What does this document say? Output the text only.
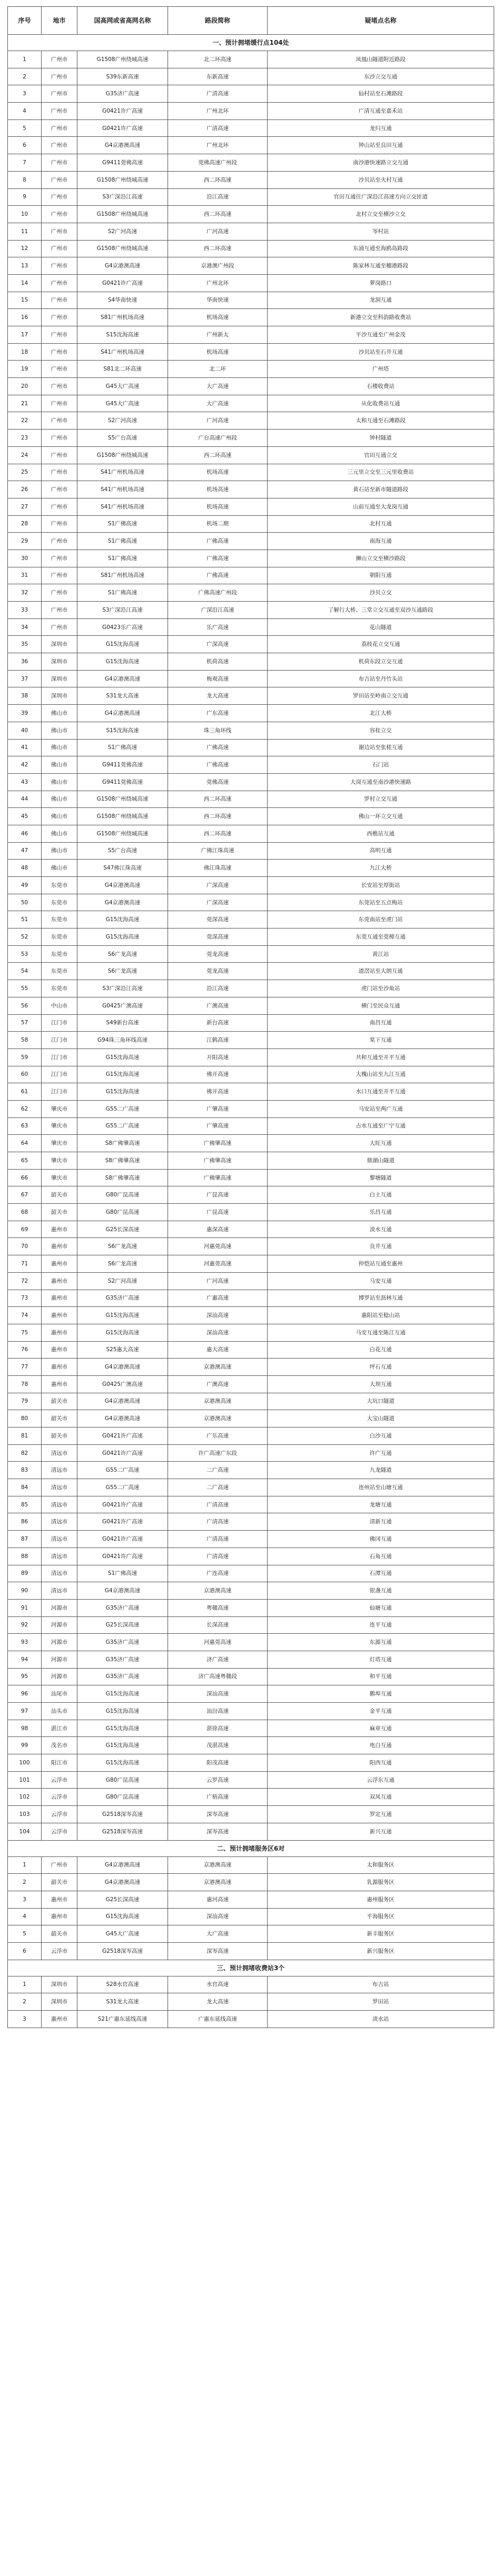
序号	地市	国高网或省高网名称	路段简称	疑堵点名称
一、预计拥堵缓行点104处				
1	广州市	G1508广州绕城高速	北二环高速	凤凰山隧道附近路段
2	广州市	S39东新高速	东新高速	东沙立交互通
3	广州市	G35济广高速	广清高速	仙村站至石滩路段
4	广州市	G0421许广高速	广州北环	广清互通至嘉禾站
5	广州市	G0421许广高速	广清高速	龙归互通
6	广州市	G4京港澳高速	广州北环	钟山站至良田互通
7	广州市	G9411莞佛高速	莞佛高速广州段	南沙港快速路立交互通
8	广州市	G1508广州绕城高速	西二环高速	沙贝站至火村互通
9	广州市	S3广深沿江高速	沿江高速	官田互通往广深沿江高速方向立交匝道
10	广州市	G1508广州绕城高速	西二环高速	北村立交至横沙立交
11	广州市	S2广河高速	广河高速	岑村站
12	广州市	G1508广州绕城高速	西二环高速	东涌互通至海鸥岛路段
13	广州市	G4京港澳高速	京港澳广州段	陈家林互通至穗港路段
14	广州市	G0421许广高速	广州北环	萝岗路口
15	广州市	S4华南快速	华南快速	龙洞互通
16	广州市	S81广州机场高速	机场高速	新港立交至科韵路收费站
17	广州市	S15沈海高速	广州新太	平沙互通至广州金茂
18	广州市	S41广州机场高速	机场高速	沙贝站至石井互通
19	广州市	S81北二环高速	北二环	广州塔
20	广州市	G45大广高速	大广高速	石楼收费站
21	广州市	G45大广高速	大广高速	从化收费站互通
22	广州市	S2广河高速	广河高速	太和互通至石滩路段
23	广州市	S5广台高速	广台高速广州段	钟村隧道
24	广州市	G1508广州绕城高速	西二环高速	官田互通立交
25	广州市	S41广州机场高速	机场高速	三元里立交至三元里收费站
26	广州市	S41广州机场高速	机场高速	黄石站至新市隧道路段
27	广州市	S41广州机场高速	机场高速	山前互通至大龙岗互通
28	广州市	S1广佛高速	机场二期	北村互通
29	广州市	S1广佛高速	广佛高速	南海互通
30	广州市	S1广佛高速	广佛高速	狮山立交至横沙路段
31	广州市	S81广州机场高速	广佛高速	朝阳互通
32	广州市	S1广佛高速	广佛高速广州段	沙贝立交
33	广州市	S3广深沿江高速	广深沿江高速	了解行大桥、三堂立交互通至双沙互通路段
34	广州市	G0423乐广高速	乐广高速	花山隧道
35	深圳市	G15沈海高速	广深高速	荔枝花立交互通
36	深圳市	G15沈海高速	机荷高速	机荷东段立交互通
37	深圳市	G4京港澳高速	梅观高速	布吉站至丹竹头站
38	深圳市	S31龙大高速	龙大高速	罗田站至岭南立交互通
39	佛山市	G4京港澳高速	广东高速	北江大桥
40	佛山市	S15沈海高速	珠三角环线	容桂立交
41	佛山市	S1广佛高速	广佛高速	谢边站至张槎互通
42	佛山市	G9411莞佛高速	广佛高速	石门站
43	佛山市	G9411莞佛高速	莞佛高速	大岗互通至南沙港快速路
44	佛山市	G1508广州绕城高速	西二环高速	罗村立交互通
45	佛山市	G1508广州绕城高速	西二环高速	佛山一环立交互通
46	佛山市	G1508广州绕城高速	西二环高速	西樵站互通
47	佛山市	S5广台高速	广佛江珠高速	高明互通
48	佛山市	S47佛江珠高速	佛江珠高速	九江大桥
49	东莞市	G4京港澳高速	广深高速	长安站至厚街站
50	东莞市	G4京港澳高速	广深高速	东莞站至五点梅站
51	东莞市	G15沈海高速	莞深高速	东莞南站至虎门站
52	东莞市	G15沈海高速	莞深高速	东莞互通至莞樟互通
53	东莞市	S6广龙高速	莞龙高速	黄江站
54	东莞市	S6广龙高速	莞龙高速	道滘站至大朗互通
55	东莞市	S3广深沿江高速	沿江高速	虎门站至沙角站
56	中山市	G0425广澳高速	广澳高速	横门至民众互通
57	江门市	S49新台高速	新台高速	南昌互通
58	江门市	G94珠三角环线高速	江鹤高速	棠下互通
59	江门市	G15沈海高速	开阳高速	共和互通至开平互通
60	江门市	G15沈海高速	佛开高速	大槐山站至九江互通
61	江门市	G15沈海高速	佛开高速	水口互通至开平互通
62	肇庆市	G55二广高速	广肇高速	马安站至两广互通
63	肇庆市	G55二广高速	广肇高速	古水互通至广宁互通
64	肇庆市	S8广佛肇高速	广佛肇高速	大旺互通
65	肇庆市	S8广佛肇高速	广佛肇高速	鼎湖山隧道
66	肇庆市	S8广佛肇高速	广佛肇高速	黎塘隧道
67	韶关市	G80广昆高速	广昆高速	白土互通
68	韶关市	G80广昆高速	广昆高速	乐昌互通
69	惠州市	G25长深高速	惠深高速	淡水互通
70	惠州市	S6广龙高速	河惠莞高速	良井互通
71	惠州市	S6广龙高速	河惠莞高速	仲恺站互通至惠州
72	惠州市	S2广河高速	广河高速	马安互通
73	惠州市	G35济广高速	广惠高速	博罗站至沥林互通
74	惠州市	G15沈海高速	深汕高速	惠阳站至稔山站
75	惠州市	G15沈海高速	深汕高速	马安互通至陈江互通
76	惠州市	S25惠大高速	惠大高速	白花互通
77	惠州市	G4京港澳高速	京港澳高速	坪石互通
78	惠州市	G0425广澳高速	广澳高速	大坝互通
79	韶关市	G4京港澳高速	京港澳高速	大坑口隧道
80	韶关市	G4京港澳高速	京港澳高速	大宝山隧道
81	韶关市	G0421许广高速	广乐高速	白沙互通
82	清远市	G0421许广高速	许广高速广东段	许广互通
83	清远市	G55二广高速	二广高速	九龙隧道
84	清远市	G55二广高速	二广高速	连州站至山塘互通
85	清远市	G0421许广高速	广清高速	龙塘互通
86	清远市	G0421许广高速	广清高速	清新互通
87	清远市	G0421许广高速	广清高速	佛冈互通
88	清远市	G0421许广高速	广清高速	石角互通
89	清远市	S1广佛高速	广连高速	石潭互通
90	清远市	G4京港澳高速	京港澳高速	银盏互通
91	河源市	G35济广高速	粤赣高速	仙塘互通
92	河源市	G25长深高速	长深高速	连平互通
93	河源市	G35济广高速	河惠莞高速	东源互通
94	河源市	G35济广高速	济广高速	灯塔互通
95	河源市	G35济广高速	济广高速粤赣段	和平互通
96	汕尾市	G15沈海高速	深汕高速	鹅埠互通
97	汕头市	G15沈海高速	汕汾高速	金平互通
98	湛江市	G15沈海高速	湛徐高速	麻章互通
99	茂名市	G15沈海高速	茂湛高速	电白互通
100	阳江市	G15沈海高速	阳茂高速	阳西互通
101	云浮市	G80广昆高速	云罗高速	云浮东互通
102	云浮市	G80广昆高速	广梧高速	双凤互通
103	云浮市	G2518深岑高速	深岑高速	罗定互通
104	云浮市	G2518深岑高速	深岑高速	新兴互通
二、预计拥堵服务区6对				
1	广州市	G4京港澳高速	京港澳高速	太和服务区
2	韶关市	G4京港澳高速	京港澳高速	乳源服务区
3	惠州市	G25长深高速	惠河高速	惠州服务区
4	惠州市	G15沈海高速	深汕高速	平海服务区
5	韶关市	G45大广高速	大广高速	新丰服务区
6	云浮市	G2518深岑高速	深岑高速	新兴服务区
三、预计拥堵收费站3个				
1	深圳市	S28水官高速	水官高速	布吉站
2	深圳市	S31龙大高速	龙大高速	罗田站
3	惠州市	S21广惠东延线高速	广惠东延线高速	淡水站
